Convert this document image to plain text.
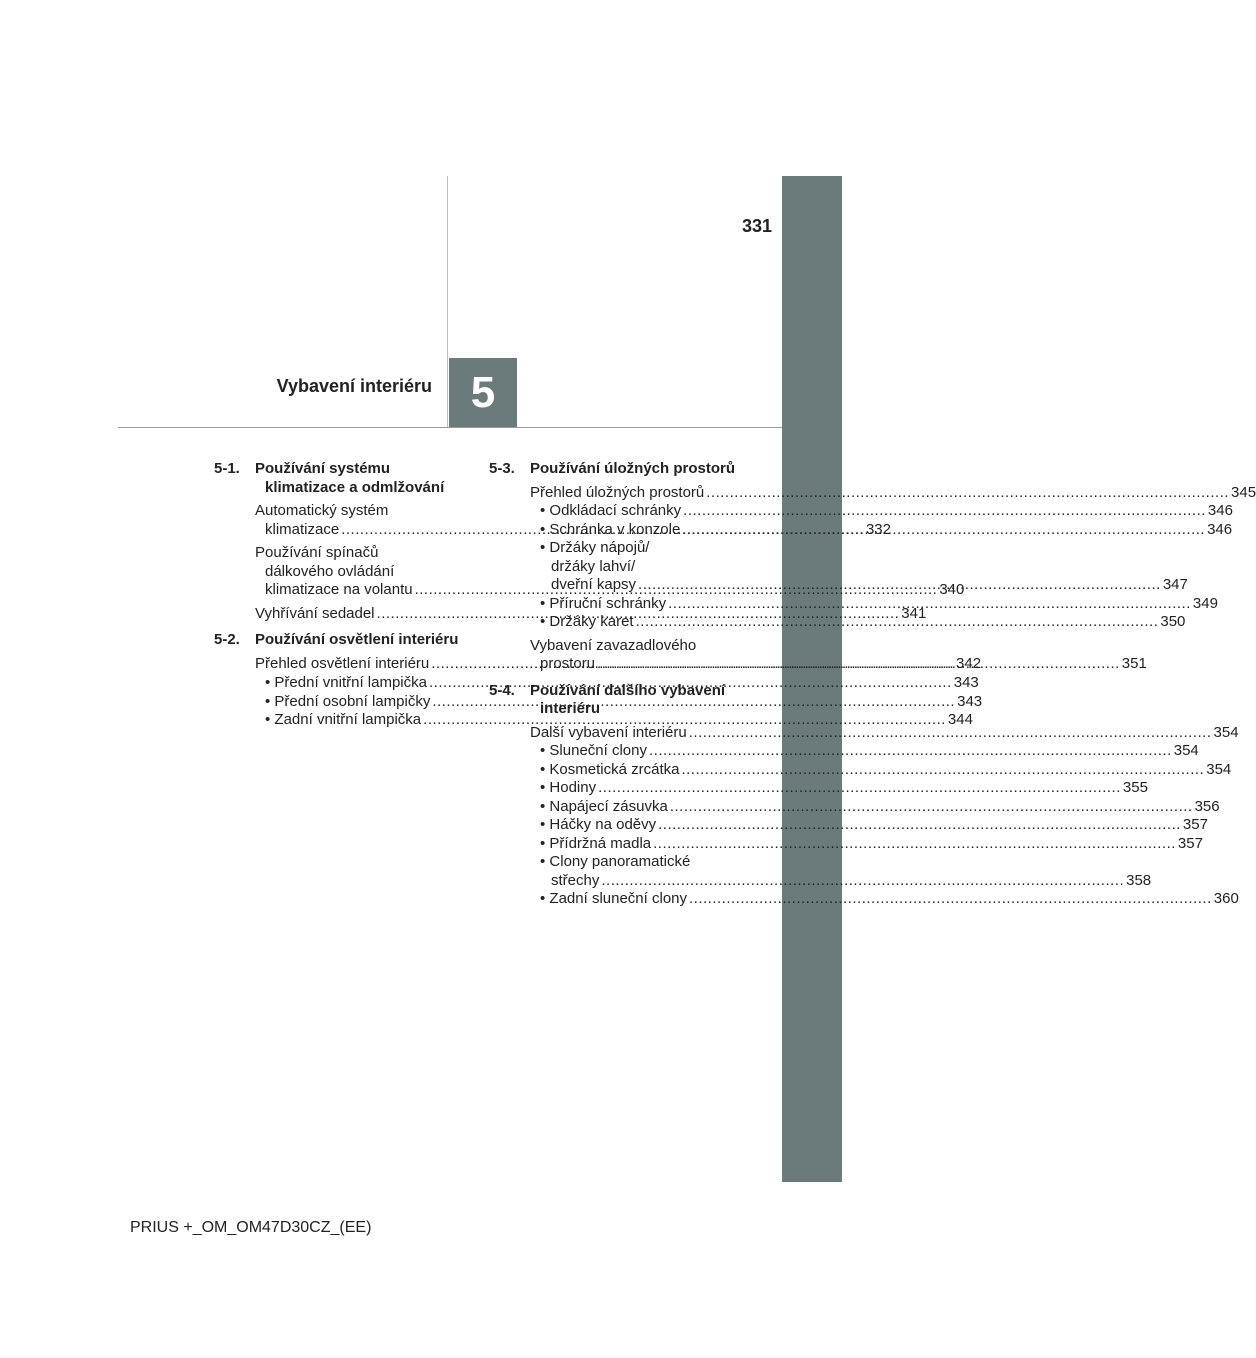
331
Vybavení interiéru 5
5-1. Používání systému
klimatizace a odmlžování
Automatický systém
klimatizace .....	332
Používání spínačů
dálkového ovládání
klimatizace na volantu .....	340
Vyhřívání sedadel .....	341
5-2. Používání osvětlení interiéru
Přehled osvětlení interiéru .....	342
• Přední vnitřní lampička .....	343
• Přední osobní lampičky .....	343
• Zadní vnitřní lampička .....	344
5-3. Používání úložných prostorů
Přehled úložných prostorů .....	345
• Odkládací schránky .....	346
• Schránka v konzole .....	346
• Držáky nápojů/
držáky lahví/
dveřní kapsy .....	347
• Příruční schránky .....	349
• Držáky karet .....	350
Vybavení zavazadlového
prostoru .....	351
5-4. Používání dalšího vybavení
interiéru
Další vybavení interiéru .....	354
• Sluneční clony .....	354
• Kosmetická zrcátka .....	354
• Hodiny .....	355
• Napájecí zásuvka .....	356
• Háčky na oděvy .....	357
• Přídržná madla .....	357
• Clony panoramatické
střechy .....	358
• Zadní sluneční clony .....	360
PRIUS +_OM_OM47D30CZ_(EE)
